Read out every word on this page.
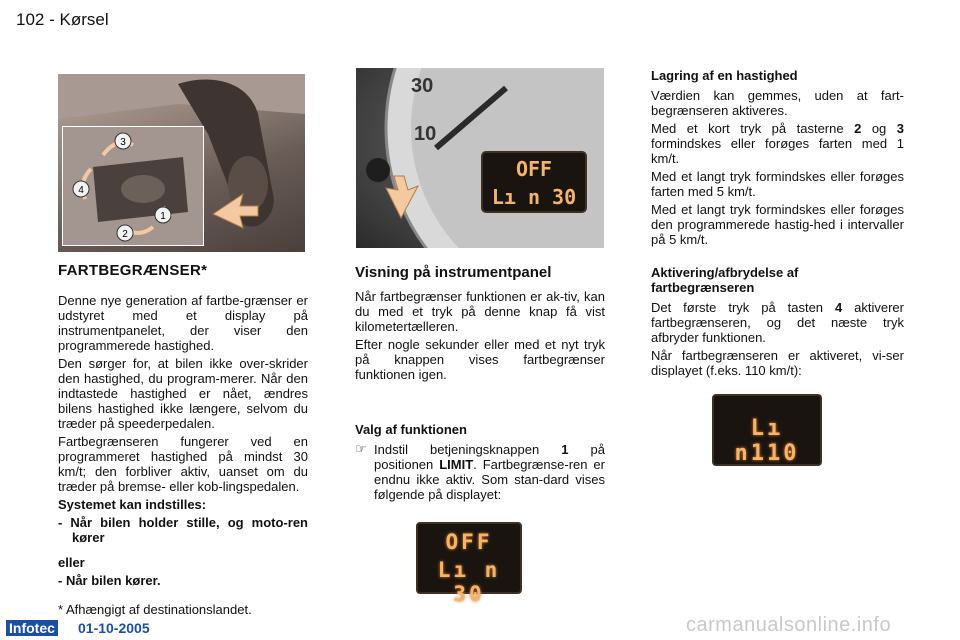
102 - Kørsel
3
4
1
2
30
10
OFF
Lı n 30
FARTBEGRÆNSER*

Denne nye generation af fartbe-grænser er udstyret med et display på instrumentpanelet, der viser den programmerede hastighed.

Den sørger for, at bilen ikke over-skrider den hastighed, du program-merer. Når den indtastede hastighed er nået, ændres bilens hastighed ikke længere, selvom du træder på speederpedalen.

Fartbegrænseren fungerer ved en programmeret hastighed på mindst 30 km/t; den forbliver aktiv, uanset om du træder på bremse- eller kob-lingspedalen.

Systemet kan indstilles:

- Når bilen holder stille, og moto-ren kører

eller

- Når bilen kører.

* Afhængigt af destinationslandet.

Visning på instrumentpanel

Når fartbegrænser funktionen er ak-tiv, kan du med et tryk på denne knap få vist kilometertælleren.

Efter nogle sekunder eller med et nyt tryk på knappen vises fartbegrænser funktionen igen.

Valg af funktionen
☞ Indstil betjeningsknappen 1 på positionen LIMIT. Fartbegrænse-ren er endnu ikke aktiv. Som stan-dard vises følgende på displayet:

OFF
Lı n 30
Lagring af en hastighed

Værdien kan gemmes, uden at fart-begrænseren aktiveres.

Med et kort tryk på tasterne 2 og 3 formindskes eller forøges farten med 1 km/t.

Med et langt tryk formindskes eller forøges farten med 5 km/t.

Med et langt tryk formindskes eller forøges den programmerede hastig-hed i intervaller på 5 km/t.

Aktivering/afbrydelse af fartbegrænseren

Det første tryk på tasten 4 aktiverer fartbegrænseren, og det næste tryk afbryder funktionen.

Når fartbegrænseren er aktiveret, vi-ser displayet (f.eks. 110 km/t):

Lı n110
Infotec 01-10-2005	carmanualsonline.info
